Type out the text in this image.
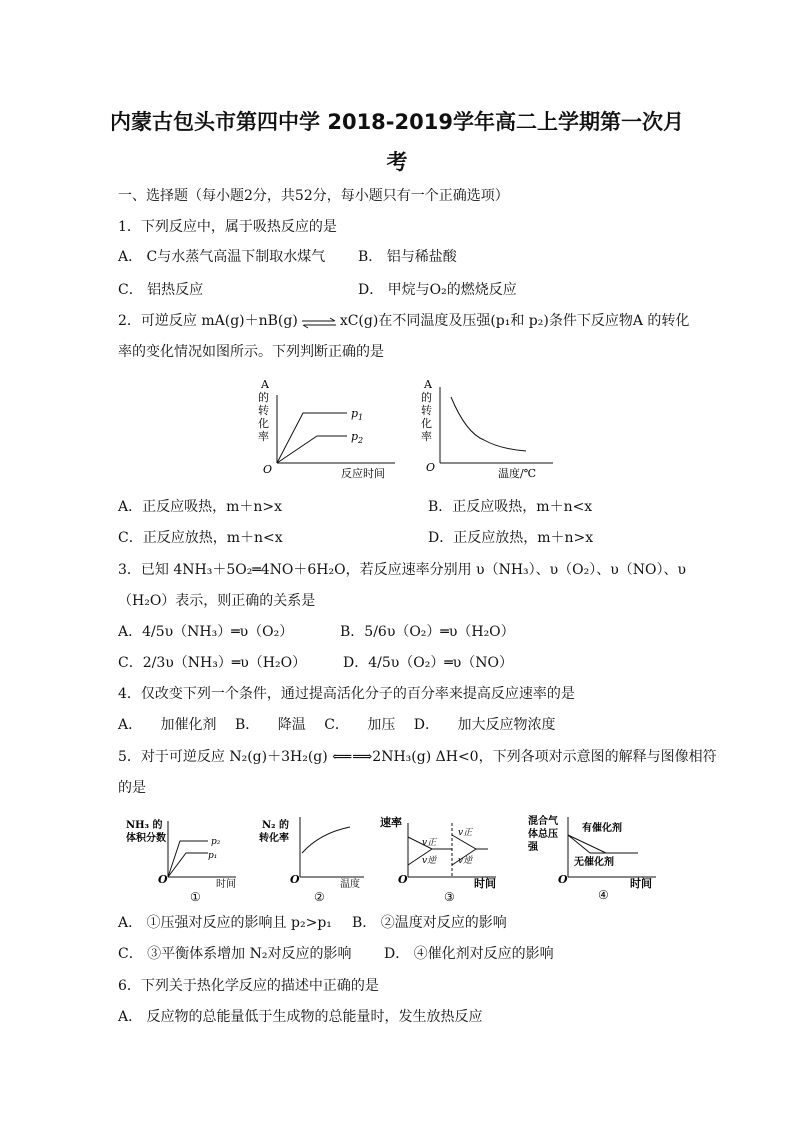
内蒙古包头市第四中学 2018-2019学年高二上学期第一次月
考
一、选择题（每小题2分，共52分，每小题只有一个正确选项）
1．下列反应中，属于吸热反应的是
A． C与水蒸气高温下制取水煤气 B． 铝与稀盐酸
C． 铝热反应	D． 甲烷与O₂的燃烧反应
2．可逆反应 mA(g)＋nB(g) ⇌ xC(g)在不同温度及压强(p₁和 p₂)条件下反应物A 的转化
率的变化情况如图所示。下列判断正确的是
A
的
转
化
率
$p_1$
$p_2$
O	反应时间
A
的
转
化
率
O	温度/℃
A．正反应吸热，m＋n>x	B．正反应吸热，m＋n<x
C．正反应放热，m＋n<x	D．正反应放热，m＋n>x
3．已知 4NH₃＋5O₂═4NO＋6H₂O，若反应速率分别用 υ（NH₃）、υ（O₂）、υ（NO）、υ
（H₂O）表示，则正确的关系是
A．4/5υ（NH₃）═υ（O₂）	B．5/6υ（O₂）═υ（H₂O）
C．2/3υ（NH₃）═υ（H₂O）	D．4/5υ（O₂）═υ（NO）
4．仅改变下列一个条件，通过提高活化分子的百分率来提高反应速率的是
A． 加催化剂 B． 降温 C． 加压 D． 加大反应物浓度
5．对于可逆反应 N₂(g)＋3H₂(g) ⟸⟹2NH₃(g) ΔH<0，下列各项对示意图的解释与图像相符
的是
NH₃ 的
体积分数	p₂
p₁
O	时间
①
N₂ 的
转化率
O	温度
②
速率
v正
v逆
v正
v逆
O	时间
③
混合气
体总压
强
有催化剂
无催化剂
O	时间
④
A． ①压强对反应的影响且 p₂>p₁ B． ②温度对反应的影响
C． ③平衡体系增加 N₂对反应的影响 D． ④催化剂对反应的影响
6．下列关于热化学反应的描述中正确的是
A． 反应物的总能量低于生成物的总能量时，发生放热反应
